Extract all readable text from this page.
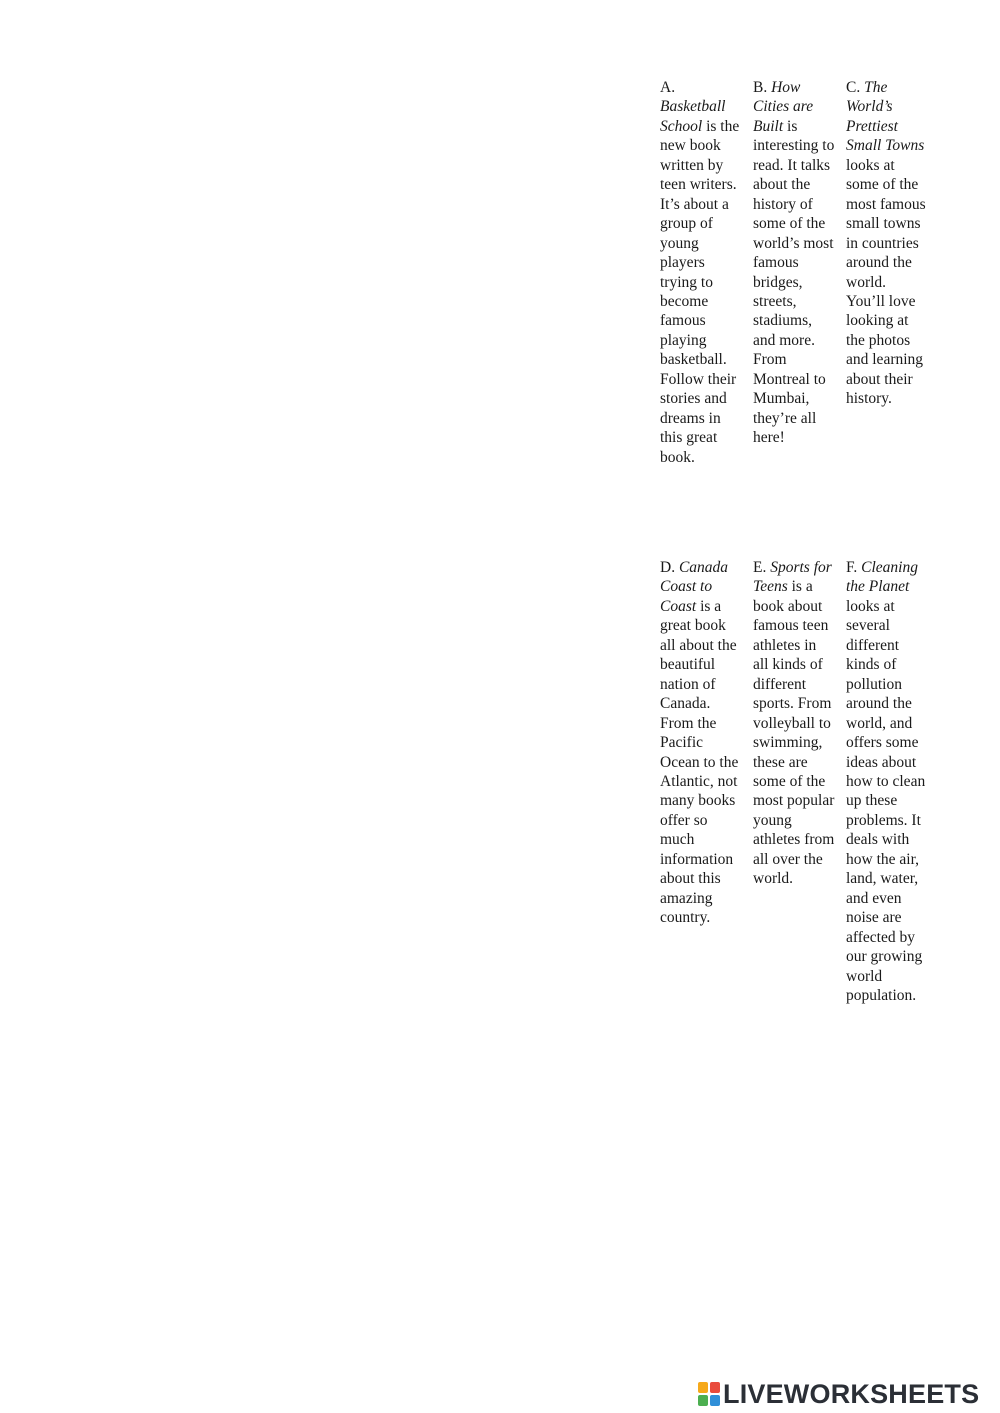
A. Basketball School is the new book written by teen writers. It’s about a group of young players trying to become famous playing basketball. Follow their stories and dreams in this great book.
B. How Cities are Built is interesting to read. It talks about the history of some of the world’s most famous bridges, streets, stadiums, and more. From Montreal to Mumbai, they’re all here!
C. The World’s Prettiest Small Towns looks at some of the most famous small towns in countries around the world. You’ll love looking at the photos and learning about their history.
D. Canada Coast to Coast is a great book all about the beautiful nation of Canada. From the Pacific Ocean to the Atlantic, not many books offer so much information about this amazing country.
E. Sports for Teens is a book about famous teen athletes in all kinds of different sports. From volleyball to swimming, these are some of the most popular young athletes from all over the world.
F. Cleaning the Planet looks at several different kinds of pollution around the world, and offers some ideas about how to clean up these problems. It deals with how the air, land, water, and even noise are affected by our growing world population.
LIVEWORKSHEETS
